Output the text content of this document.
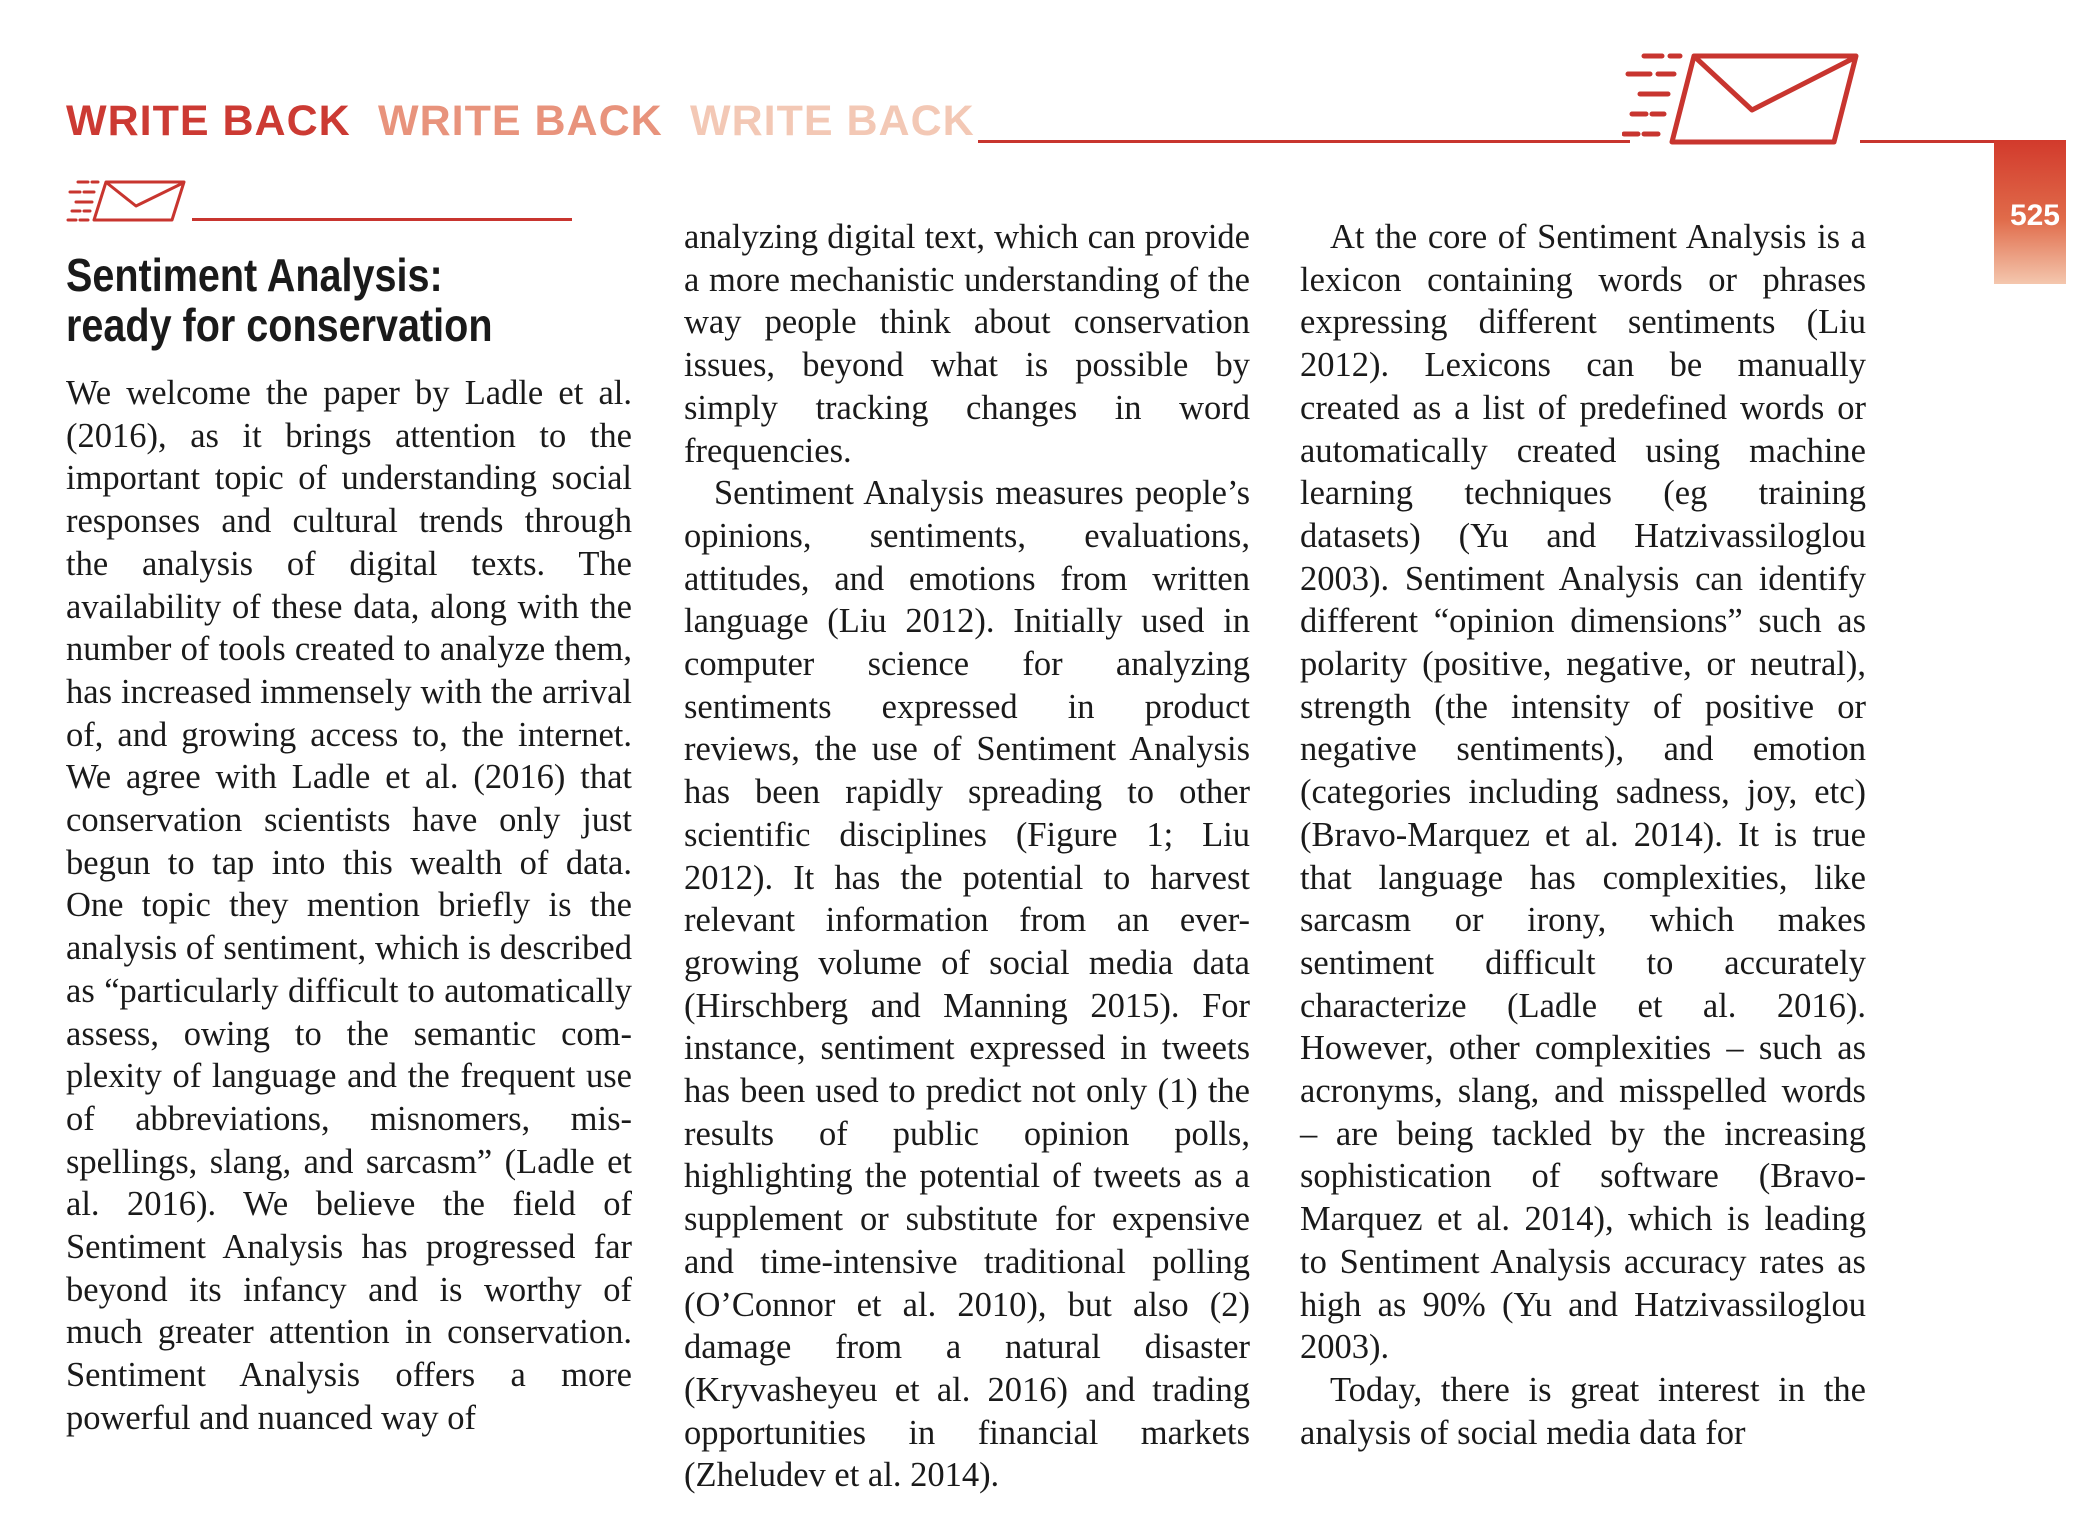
WRITE BACK WRITE BACK WRITE BACK
525
Sentiment Analysis: ready for conservation

We welcome the paper by Ladle et al. (2016), as it brings attention to the important topic of understanding social responses and cultural trends through the analysis of digital texts. The availability of these data, along with the number of tools created to analyze them, has increased immensely with the arrival of, and growing access to, the internet. We agree with Ladle et al. (2016) that conservation scientists have only just begun to tap into this wealth of data. One topic they mention briefly is the analysis of sentiment, which is described as “particularly difficult to automatically assess, owing to the semantic complexity of language and the frequent use of abbreviations, misnomers, misspellings, slang, and sarcasm” (Ladle et al. 2016). We believe the field of Sentiment Analysis has progressed far beyond its infancy and is worthy of much greater attention in conservation. Sentiment Analysis offers a more powerful and nuanced way of

analyzing digital text, which can provide a more mechanistic understanding of the way people think about conservation issues, beyond what is possible by simply tracking changes in word frequencies.

Sentiment Analysis measures people’s opinions, sentiments, evaluations, attitudes, and emotions from written language (Liu 2012). Initially used in computer science for analyzing sentiments expressed in product reviews, the use of Sentiment Analysis has been rapidly spreading to other scientific disciplines (Figure 1; Liu 2012). It has the potential to harvest relevant information from an ever-growing volume of social media data (Hirschberg and Manning 2015). For instance, sentiment expressed in tweets has been used to predict not only (1) the results of public opinion polls, highlighting the potential of tweets as a supplement or substitute for expensive and time-intensive traditional polling (O’Connor et al. 2010), but also (2) damage from a natural disaster (Kryvasheyeu et al. 2016) and trading opportunities in financial markets (Zheludev et al. 2014).

At the core of Sentiment Analysis is a lexicon containing words or phrases expressing different sentiments (Liu 2012). Lexicons can be manually created as a list of predefined words or automatically created using machine learning techniques (eg training datasets) (Yu and Hatzivassiloglou 2003). Sentiment Analysis can identify different “opinion dimensions” such as polarity (positive, negative, or neutral), strength (the intensity of positive or negative sentiments), and emotion (categories including sadness, joy, etc) (Bravo-Marquez et al. 2014). It is true that language has complexities, like sarcasm or irony, which makes sentiment difficult to accurately characterize (Ladle et al. 2016). However, other complexities – such as acronyms, slang, and misspelled words – are being tackled by the increasing sophistication of software (Bravo-Marquez et al. 2014), which is leading to Sentiment Analysis accuracy rates as high as 90% (Yu and Hatzivassiloglou 2003).

Today, there is great interest in the analysis of social media data for
